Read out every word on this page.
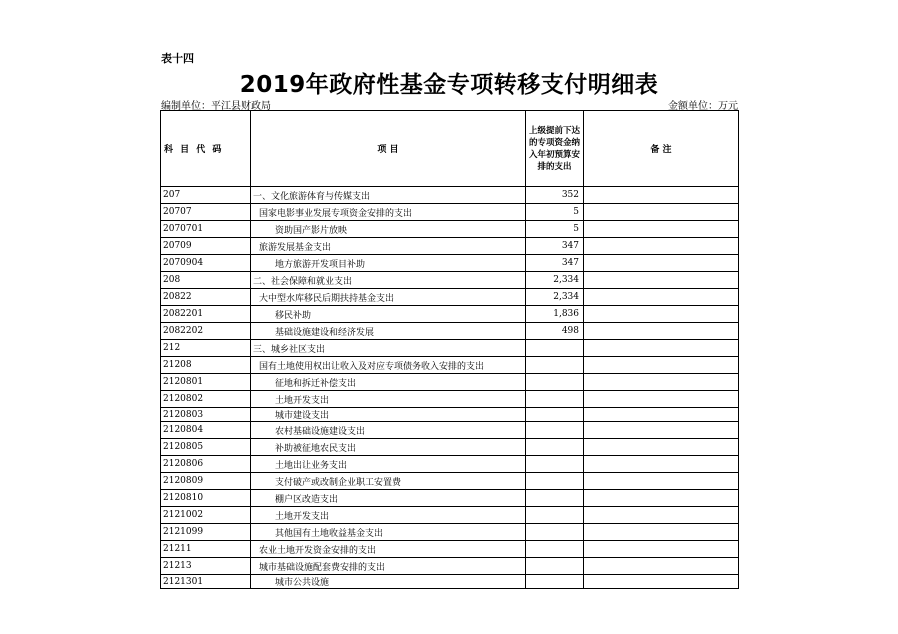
表十四
2019年政府性基金专项转移支付明细表
编制单位：平江县财政局	金额单位：万元
科 目 代 码	项 目	上级提前下达的专项资金纳入年初预算安排的支出	备 注
207	一、文化旅游体育与传媒支出	352	
20707	国家电影事业发展专项资金安排的支出	5	
2070701	资助国产影片放映	5	
20709	旅游发展基金支出	347	
2070904	地方旅游开发项目补助	347	
208	二、社会保障和就业支出	2,334	
20822	大中型水库移民后期扶持基金支出	2,334	
2082201	移民补助	1,836	
2082202	基础设施建设和经济发展	498	
212	三、城乡社区支出		
21208	国有土地使用权出让收入及对应专项债务收入安排的支出		
2120801	征地和拆迁补偿支出		
2120802	土地开发支出		
2120803	城市建设支出		
2120804	农村基础设施建设支出		
2120805	补助被征地农民支出		
2120806	土地出让业务支出		
2120809	支付破产或改制企业职工安置费		
2120810	棚户区改造支出		
2121002	土地开发支出		
2121099	其他国有土地收益基金支出		
21211	农业土地开发资金安排的支出		
21213	城市基础设施配套费安排的支出		
2121301	城市公共设施		
